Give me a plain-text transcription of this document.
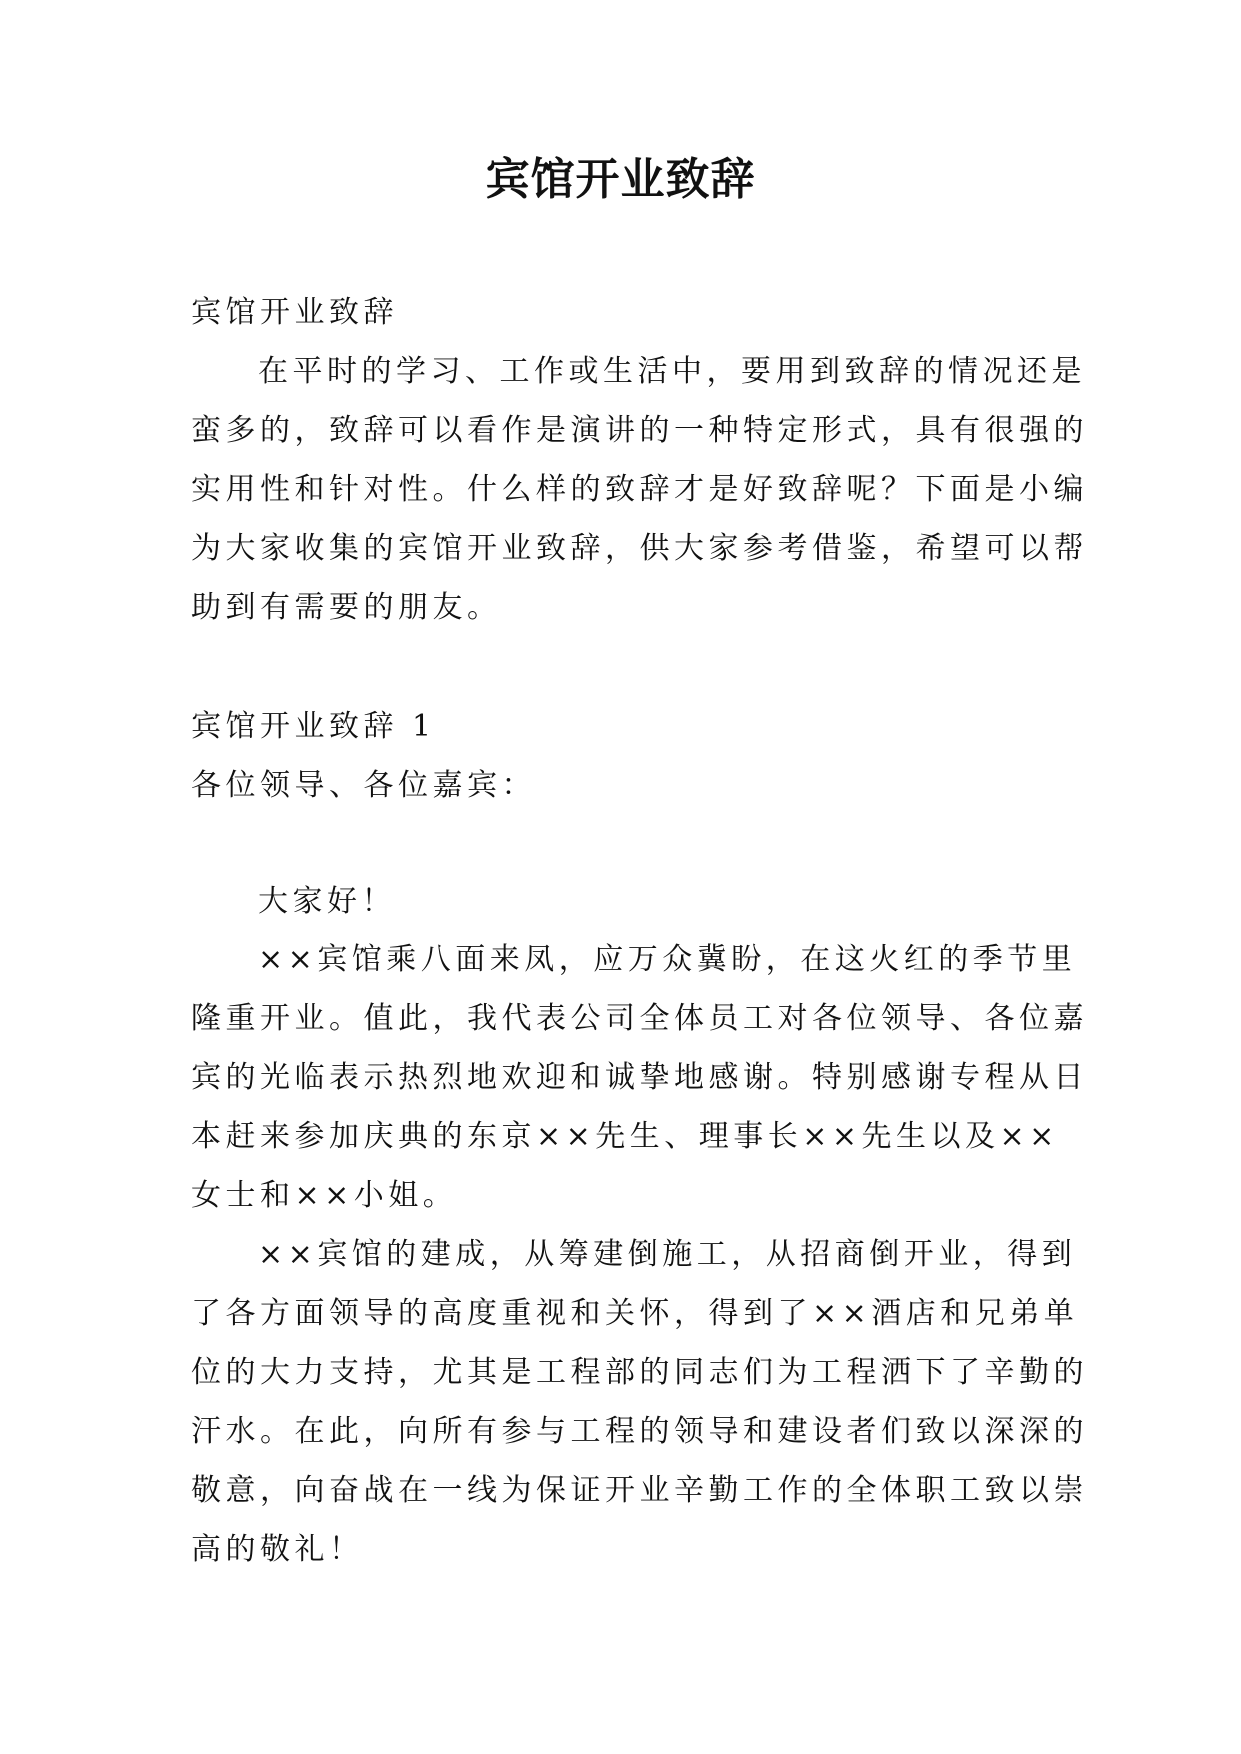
宾馆开业致辞
宾馆开业致辞
在平时的学习、工作或生活中，要用到致辞的情况还是
蛮多的，致辞可以看作是演讲的一种特定形式，具有很强的
实用性和针对性。什么样的致辞才是好致辞呢？下面是小编
为大家收集的宾馆开业致辞，供大家参考借鉴，希望可以帮
助到有需要的朋友。
宾馆开业致辞 1
各位领导、各位嘉宾：
大家好！
××宾馆乘八面来凤，应万众冀盼，在这火红的季节里
隆重开业。值此，我代表公司全体员工对各位领导、各位嘉
宾的光临表示热烈地欢迎和诚挚地感谢。特别感谢专程从日
本赶来参加庆典的东京××先生、理事长××先生以及××
女士和××小姐。
××宾馆的建成，从筹建倒施工，从招商倒开业，得到
了各方面领导的高度重视和关怀，得到了××酒店和兄弟单
位的大力支持，尤其是工程部的同志们为工程洒下了辛勤的
汗水。在此，向所有参与工程的领导和建设者们致以深深的
敬意，向奋战在一线为保证开业辛勤工作的全体职工致以崇
高的敬礼！
